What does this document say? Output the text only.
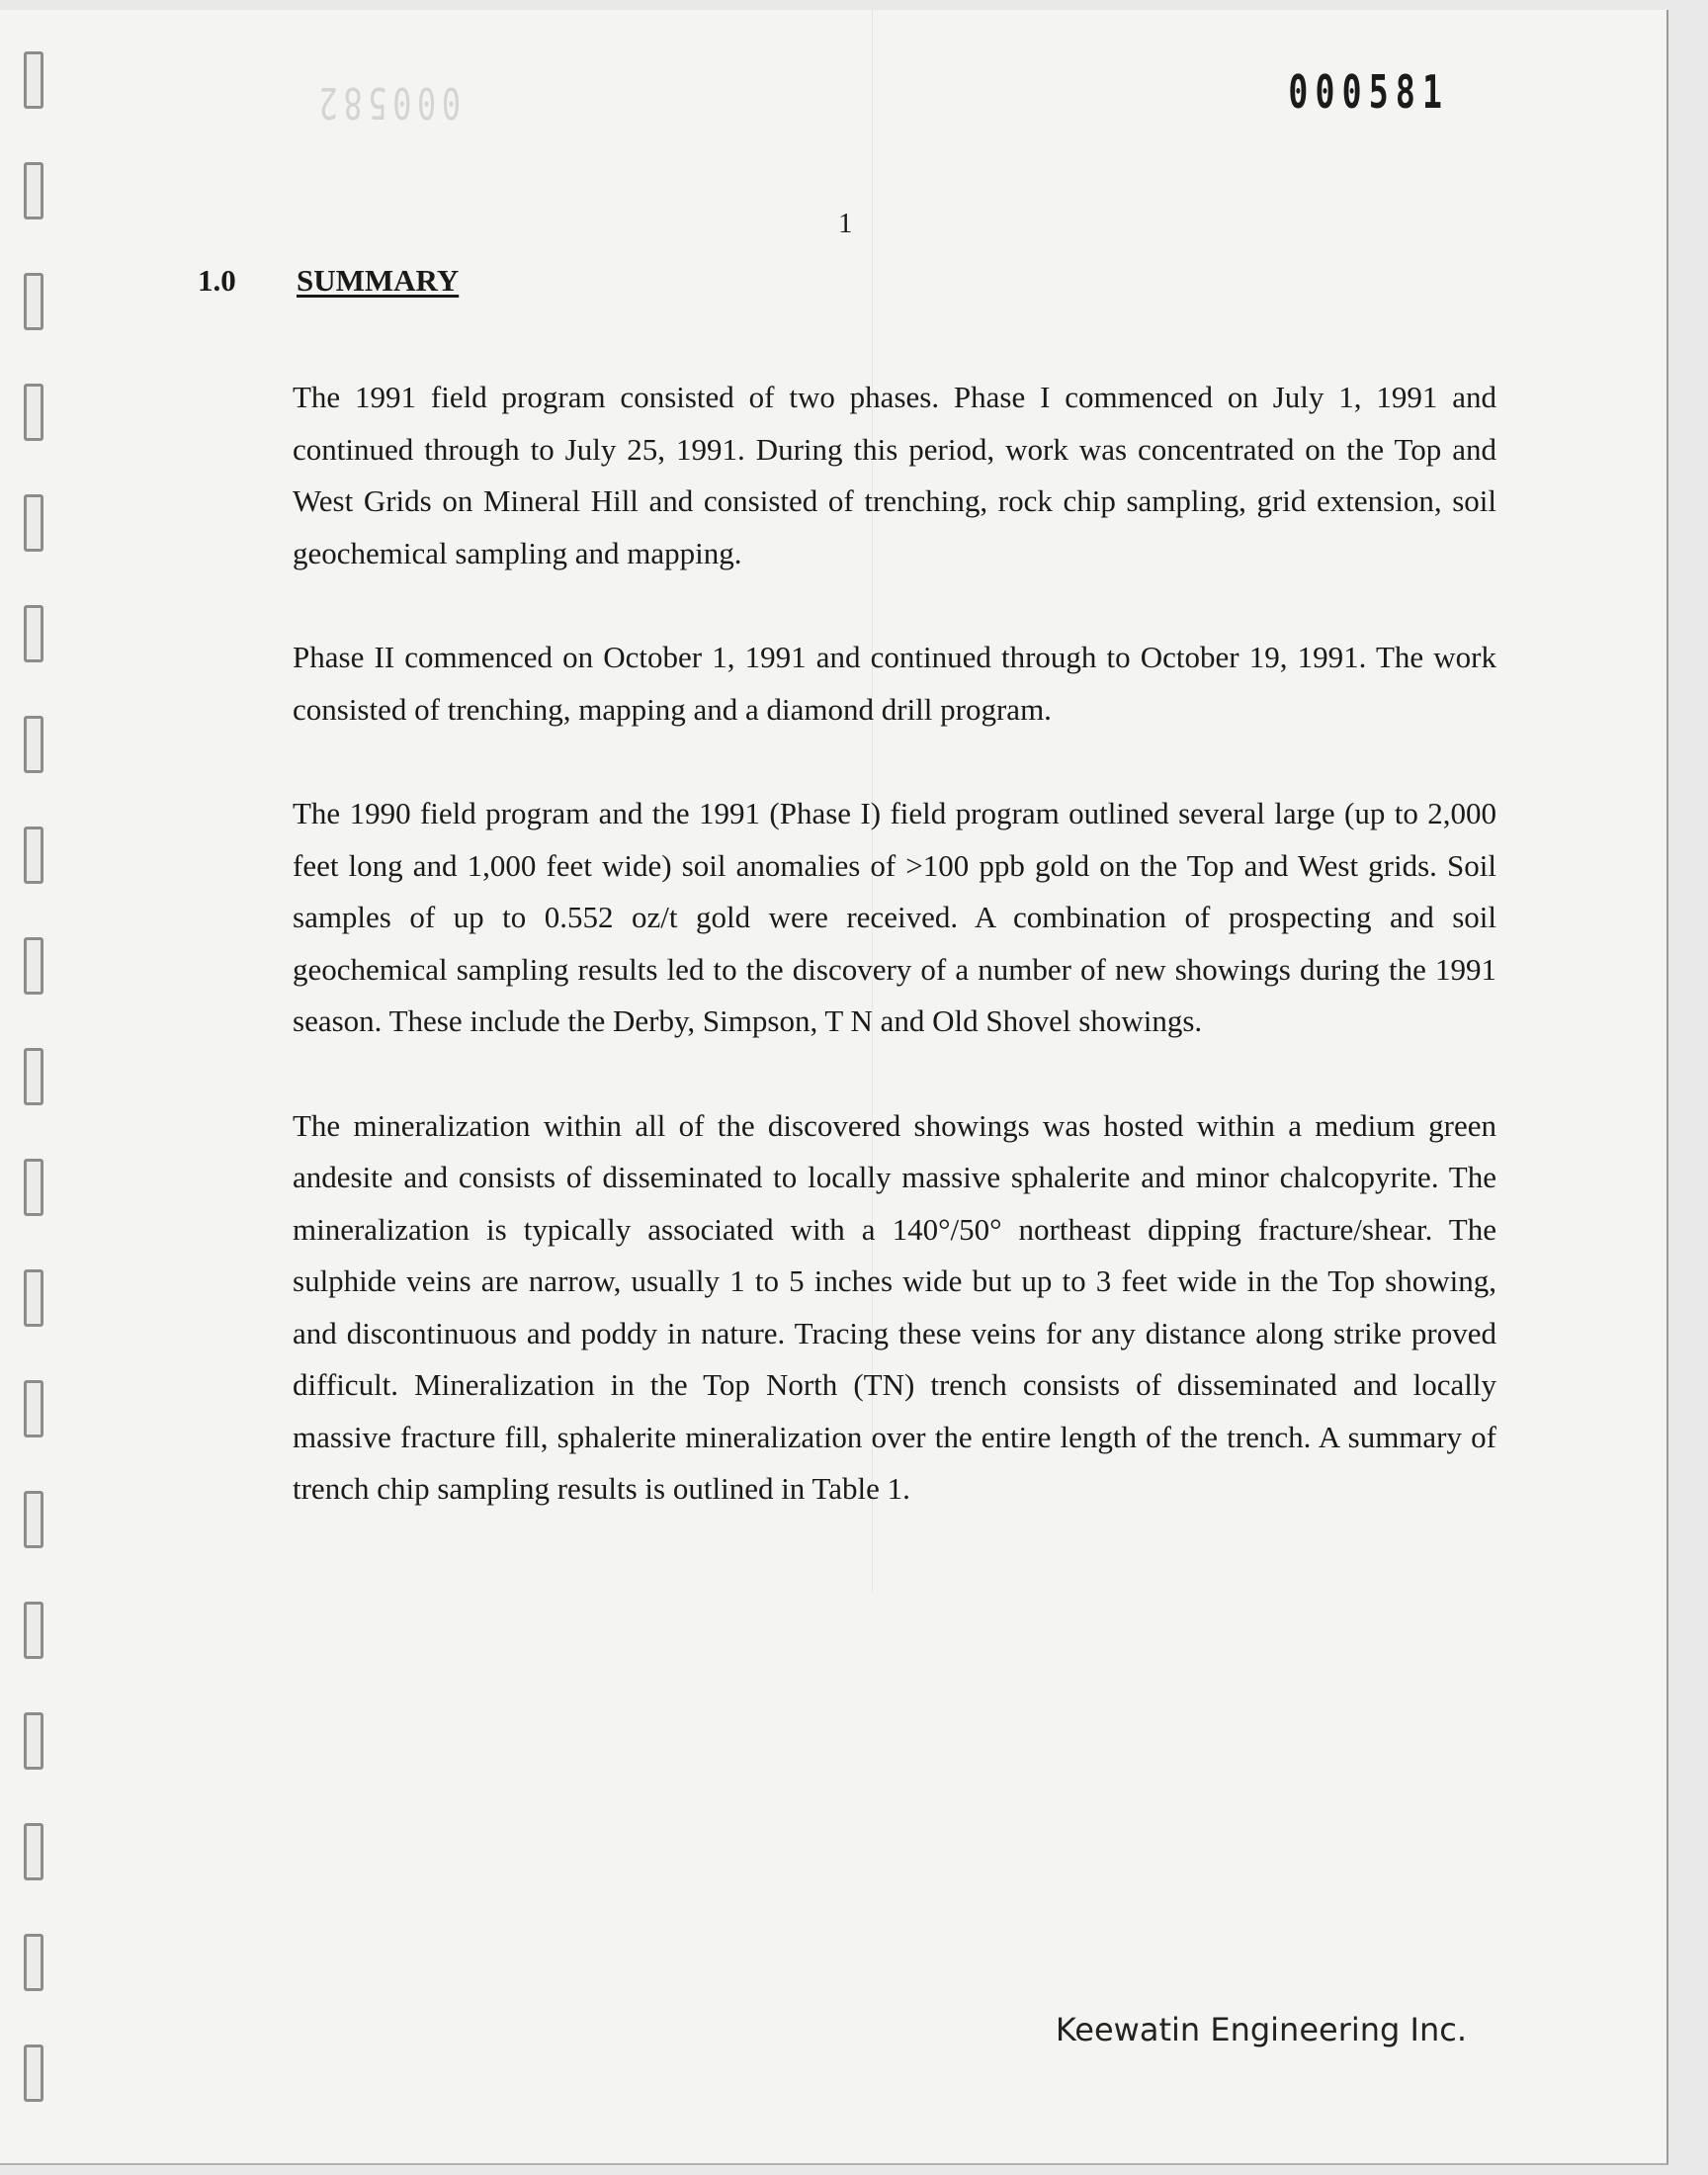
000582	000581
1
1.0 SUMMARY

The 1991 field program consisted of two phases. Phase I commenced on July 1, 1991 and continued through to July 25, 1991. During this period, work was concentrated on the Top and West Grids on Mineral Hill and consisted of trenching, rock chip sampling, grid extension, soil geochemical sampling and mapping.

Phase II commenced on October 1, 1991 and continued through to October 19, 1991. The work consisted of trenching, mapping and a diamond drill program.

The 1990 field program and the 1991 (Phase I) field program outlined several large (up to 2,000 feet long and 1,000 feet wide) soil anomalies of >100 ppb gold on the Top and West grids. Soil samples of up to 0.552 oz/t gold were received. A combination of prospecting and soil geochemical sampling results led to the discovery of a number of new showings during the 1991 season. These include the Derby, Simpson, T N and Old Shovel showings.

The mineralization within all of the discovered showings was hosted within a medium green andesite and consists of disseminated to locally massive sphalerite and minor chalcopyrite. The mineralization is typically associated with a 140°/50° northeast dipping fracture/shear. The sulphide veins are narrow, usually 1 to 5 inches wide but up to 3 feet wide in the Top showing, and discontinuous and poddy in nature. Tracing these veins for any distance along strike proved difficult. Mineralization in the Top North (TN) trench consists of disseminated and locally massive fracture fill, sphalerite mineralization over the entire length of the trench. A summary of trench chip sampling results is outlined in Table 1.

Keewatin Engineering Inc.
